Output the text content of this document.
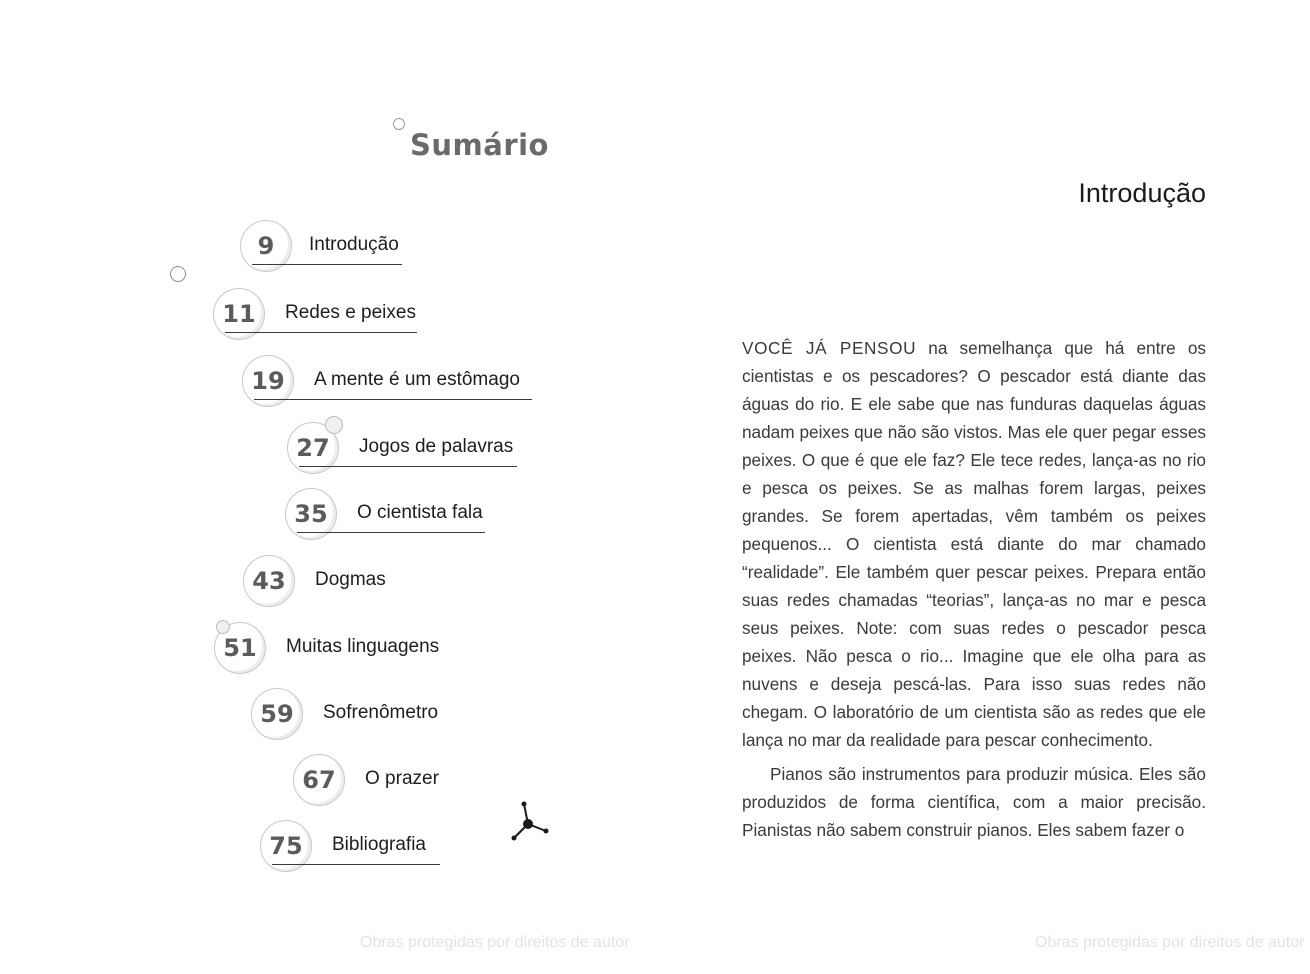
Sumário
9	Introdução
11	Redes e peixes
19	A mente é um estômago
27	Jogos de palavras
35	O cientista fala
43	Dogmas
51	Muitas linguagens
59	Sofrenômetro
67	O prazer
75	Bibliografia
Obras protegidas por direitos de autor
Introdução

VOCÊ JÁ PENSOU na semelhança que há entre os cientistas e os pescadores? O pescador está diante das águas do rio. E ele sabe que nas funduras daquelas águas nadam peixes que não são vistos. Mas ele quer pegar esses peixes. O que é que ele faz? Ele tece redes, lança-as no rio e pesca os peixes. Se as malhas forem largas, peixes grandes. Se forem apertadas, vêm também os peixes pequenos... O cientista está diante do mar chamado “realidade”. Ele também quer pescar peixes. Prepara então suas redes chamadas “teorias”, lança-as no mar e pesca seus peixes. Note: com suas redes o pescador pesca peixes. Não pesca o rio... Imagine que ele olha para as nuvens e deseja pescá-las. Para isso suas redes não chegam. O laboratório de um cientista são as redes que ele lança no mar da realidade para pescar conhecimento.

Pianos são instrumentos para produzir música. Eles são produzidos de forma científica, com a maior precisão. Pianistas não sabem construir pianos. Eles sabem fazer o

Obras protegidas por direitos de autor
